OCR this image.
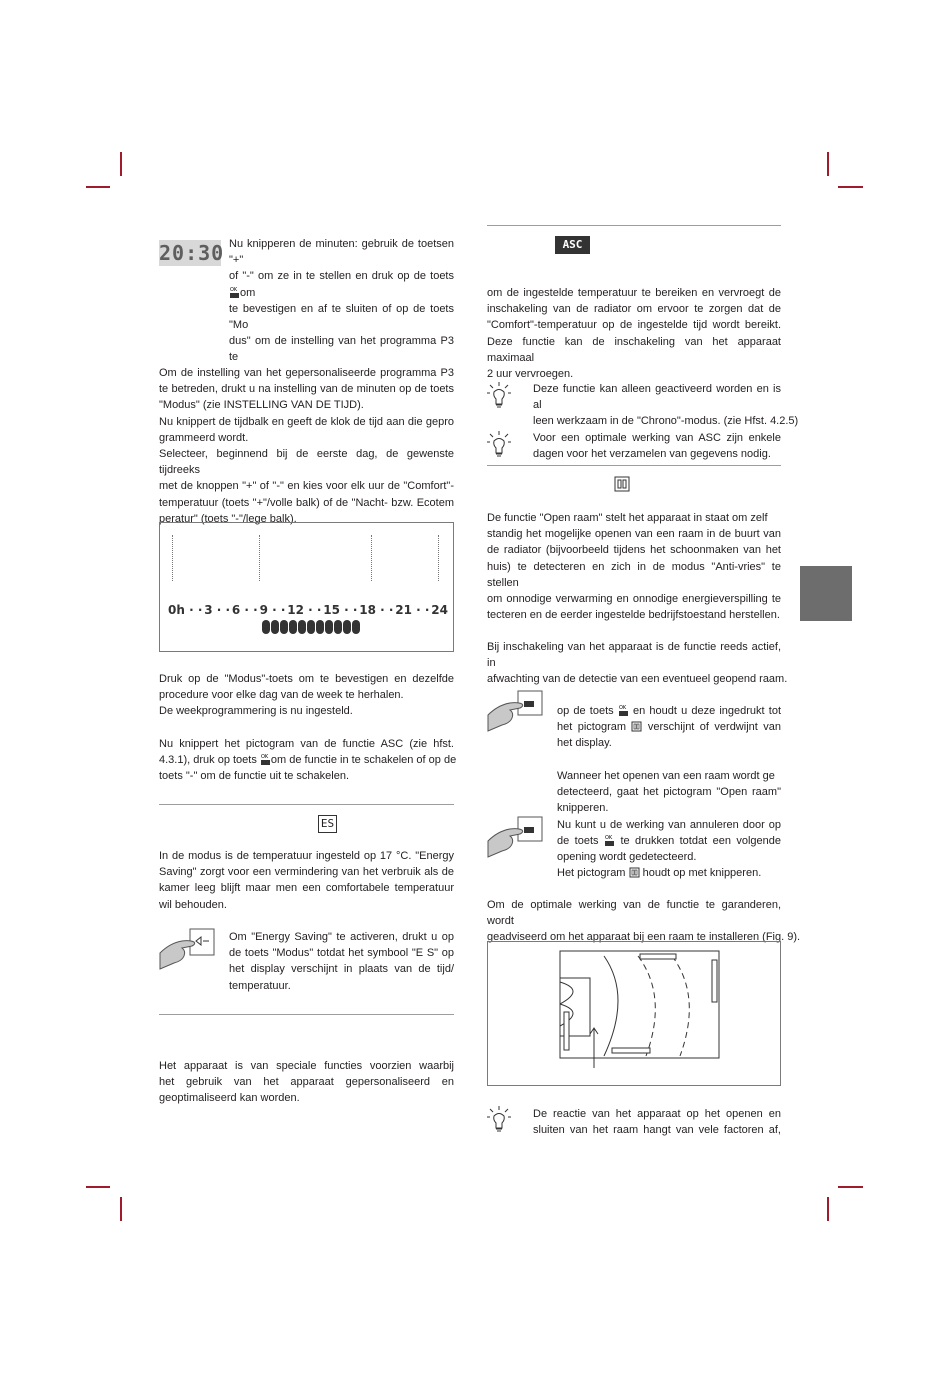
20:30 Nu knipperen de minuten: gebruik de toetsen "+"
of "-" om ze in te stellen en druk op de toets
OK om
te bevestigen en af te sluiten of op de toets "Mo
dus" om de instelling van het programma P3 te
Om de instelling van het gepersonaliseerde programma P3
te betreden, drukt u na instelling van de minuten op de toets
"Modus" (zie INSTELLING VAN DE TIJD).
Nu knippert de tijdbalk en geeft de klok de tijd aan die gepro
grammeerd wordt.
Selecteer, beginnend bij de eerste dag, de gewenste tijdreeks
met de knoppen "+" of "-" en kies voor elk uur de "Comfort"-
temperatuur (toets "+"/volle balk) of de "Nacht- bzw. Ecotem
peratur" (toets "-"/lege balk).
0h · · 3 · · 6 · · 9 · · 12 · · 15 · · 18 · · 21 · · 24
Druk op de "Modus"-toets om te bevestigen en dezelfde
procedure voor elke dag van de week te herhalen.
De weekprogrammering is nu ingesteld.
Nu knippert het pictogram van de functie ASC (zie hfst.
4.3.1), druk op toets OK om de functie in te schakelen of op de
toets "-" om de functie uit te schakelen.
ES
In de modus is de temperatuur ingesteld op 17 °C. "Energy
Saving" zorgt voor een vermindering van het verbruik als de
kamer leeg blijft maar men een comfortabele temperatuur
wil behouden.
Om "Energy Saving" te activeren, drukt u op
de toets "Modus" totdat het symbool "E S" op
het display verschijnt in plaats van de tijd/
temperatuur.
Het apparaat is van speciale functies voorzien waarbij
het gebruik van het apparaat gepersonaliseerd en
geoptimaliseerd kan worden.
ASC
om de ingestelde temperatuur te bereiken en vervroegt de
inschakeling van de radiator om ervoor te zorgen dat de
"Comfort"-temperatuur op de ingestelde tijd wordt bereikt.
Deze functie kan de inschakeling van het apparaat maximaal
2 uur vervroegen.
Deze functie kan alleen geactiveerd worden en is al
leen werkzaam in de "Chrono"-modus. (zie Hfst. 4.2.5)
Voor een optimale werking van ASC zijn enkele
dagen voor het verzamelen van gegevens nodig.
De functie "Open raam" stelt het apparaat in staat om zelf
standig het mogelijke openen van een raam in de buurt van
de radiator (bijvoorbeeld tijdens het schoonmaken van het
huis) te detecteren en zich in de modus "Anti-vries" te stellen
om onnodige verwarming en onnodige energieverspilling te
tecteren en de eerder ingestelde bedrijfstoestand herstellen.
Bij inschakeling van het apparaat is de functie reeds actief, in
afwachting van de detectie van een eventueel geopend raam.
op de toets OK en houdt u deze ingedrukt tot
het pictogram verschijnt of verdwijnt van
het display.
Wanneer het openen van een raam wordt ge
detecteerd, gaat het pictogram "Open raam"
knipperen.
Nu kunt u de werking van annuleren door op
de toets OK te drukken totdat een volgende
opening wordt gedetecteerd.
Het pictogram houdt op met knipperen.
Om de optimale werking van de functie te garanderen, wordt
geadviseerd om het apparaat bij een raam te installeren (Fig. 9).
De reactie van het apparaat op het openen en
sluiten van het raam hangt van vele factoren af,
